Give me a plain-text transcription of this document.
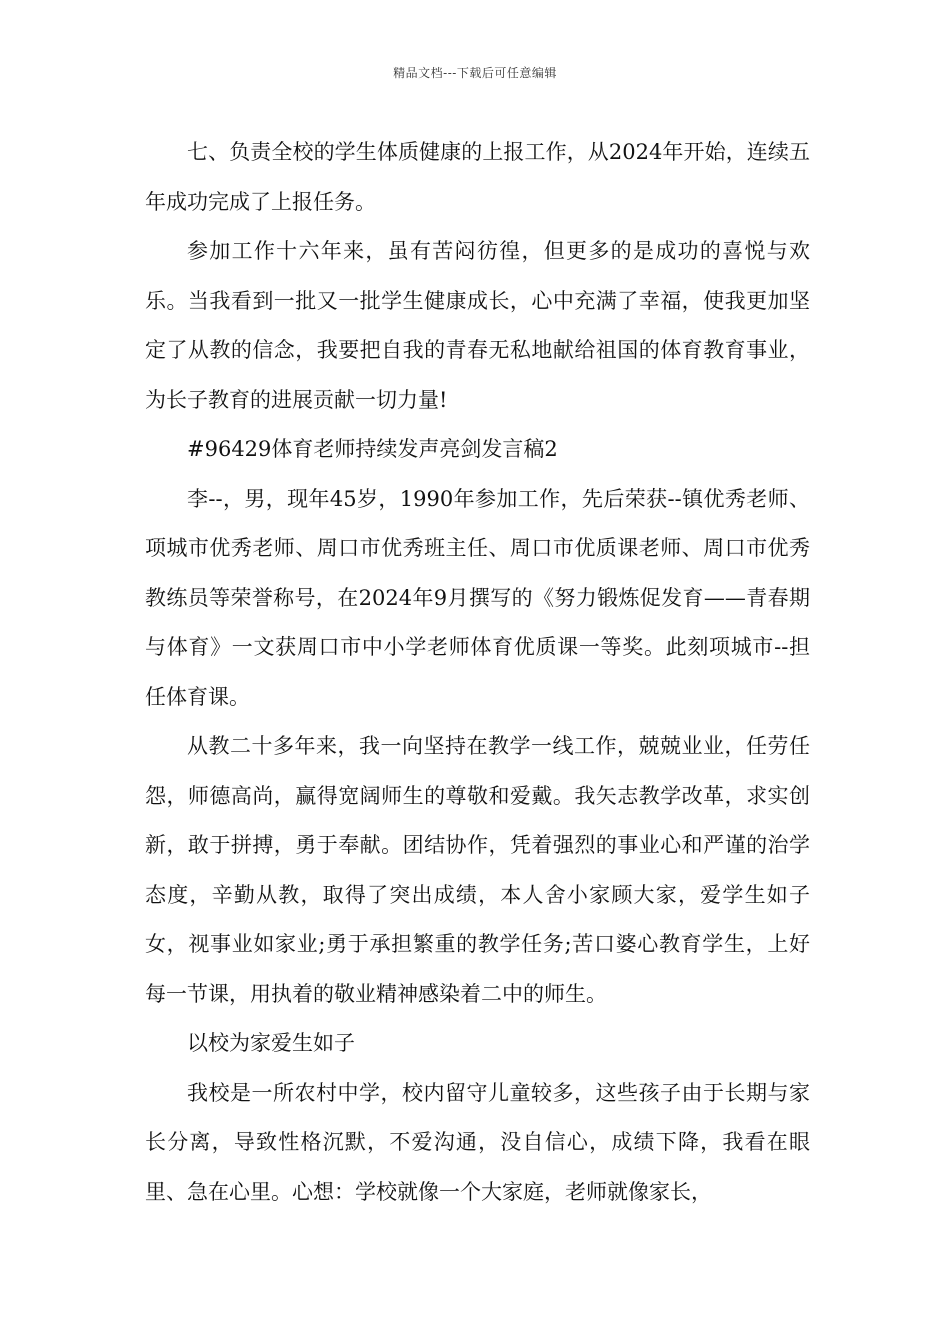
精品文档---下载后可任意编辑

七、负责全校的学生体质健康的上报工作，从2024年开始，连续五年成功完成了上报任务。

参加工作十六年来，虽有苦闷彷徨，但更多的是成功的喜悦与欢乐。当我看到一批又一批学生健康成长，心中充满了幸福，使我更加坚定了从教的信念，我要把自我的青春无私地献给祖国的体育教育事业，为长子教育的进展贡献一切力量!

#96429体育老师持续发声亮剑发言稿2

李--，男，现年45岁，1990年参加工作，先后荣获--镇优秀老师、项城市优秀老师、周口市优秀班主任、周口市优质课老师、周口市优秀教练员等荣誉称号，在2024年9月撰写的《努力锻炼促发育——青春期与体育》一文获周口市中小学老师体育优质课一等奖。此刻项城市--担任体育课。

从教二十多年来，我一向坚持在教学一线工作，兢兢业业，任劳任怨，师德高尚，赢得宽阔师生的尊敬和爱戴。我矢志教学改革，求实创新，敢于拼搏，勇于奉献。团结协作，凭着强烈的事业心和严谨的治学态度，辛勤从教，取得了突出成绩，本人舍小家顾大家，爱学生如子女，视事业如家业;勇于承担繁重的教学任务;苦口婆心教育学生，上好每一节课，用执着的敬业精神感染着二中的师生。

以校为家爱生如子

我校是一所农村中学，校内留守儿童较多，这些孩子由于长期与家长分离，导致性格沉默，不爱沟通，没自信心，成绩下降，我看在眼里、急在心里。心想：学校就像一个大家庭，老师就像家长，
